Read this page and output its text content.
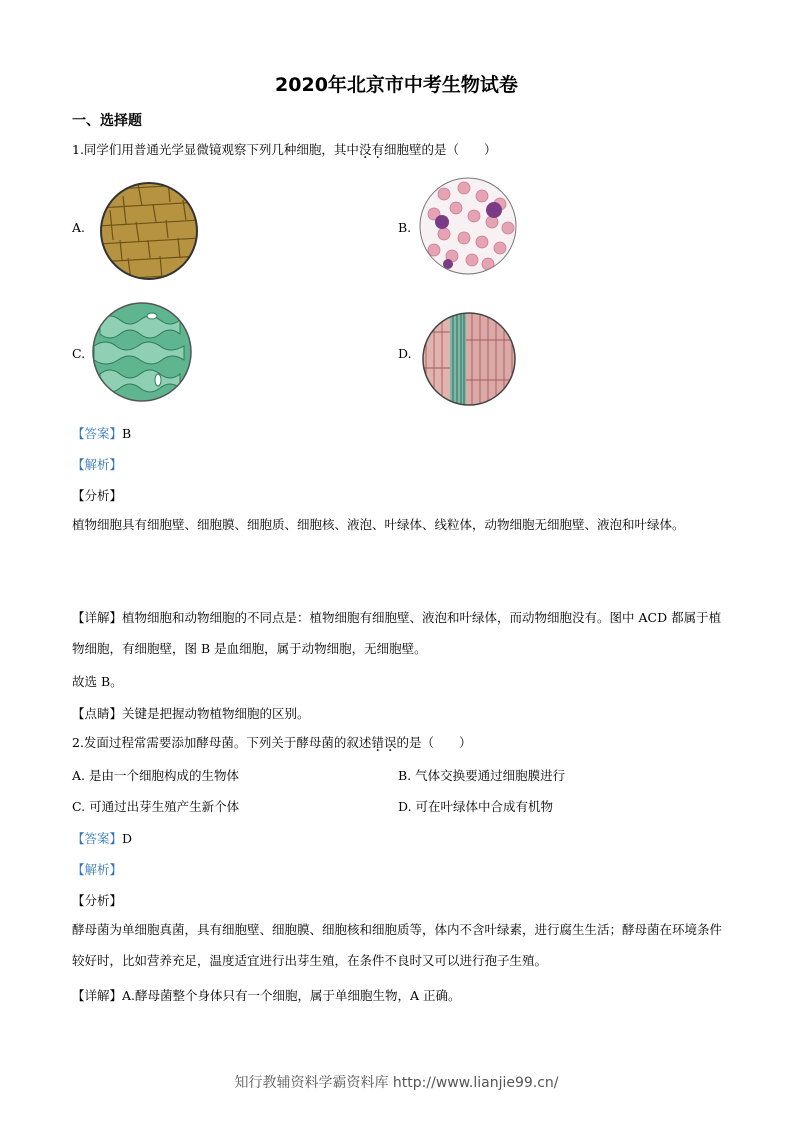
2020年北京市中考生物试卷
一、选择题
1.同学们用普通光学显微镜观察下列几种细胞，其中没有细胞壁的是（　　）
A.	B.
C.	D.
【答案】B
【解析】
【分析】
植物细胞具有细胞壁、细胞膜、细胞质、细胞核、液泡、叶绿体、线粒体，动物细胞无细胞壁、液泡和叶绿体。
【详解】植物细胞和动物细胞的不同点是：植物细胞有细胞壁、液泡和叶绿体，而动物细胞没有。图中 ACD 都属于植物细胞，有细胞壁，图 B 是血细胞，属于动物细胞，无细胞壁。
故选 B。
【点睛】关键是把握动物植物细胞的区别。
2.发面过程常需要添加酵母菌。下列关于酵母菌的叙述错误的是（　　）
A. 是由一个细胞构成的生物体	B. 气体交换要通过细胞膜进行
C. 可通过出芽生殖产生新个体	D. 可在叶绿体中合成有机物
【答案】D
【解析】
【分析】
酵母菌为单细胞真菌，具有细胞壁、细胞膜、细胞核和细胞质等，体内不含叶绿素，进行腐生生活；酵母菌在环境条件较好时，比如营养充足，温度适宜进行出芽生殖，在条件不良时又可以进行孢子生殖。
【详解】A.酵母菌整个身体只有一个细胞，属于单细胞生物，A 正确。
知行教辅资料学霸资料库 http://www.lianjie99.cn/
